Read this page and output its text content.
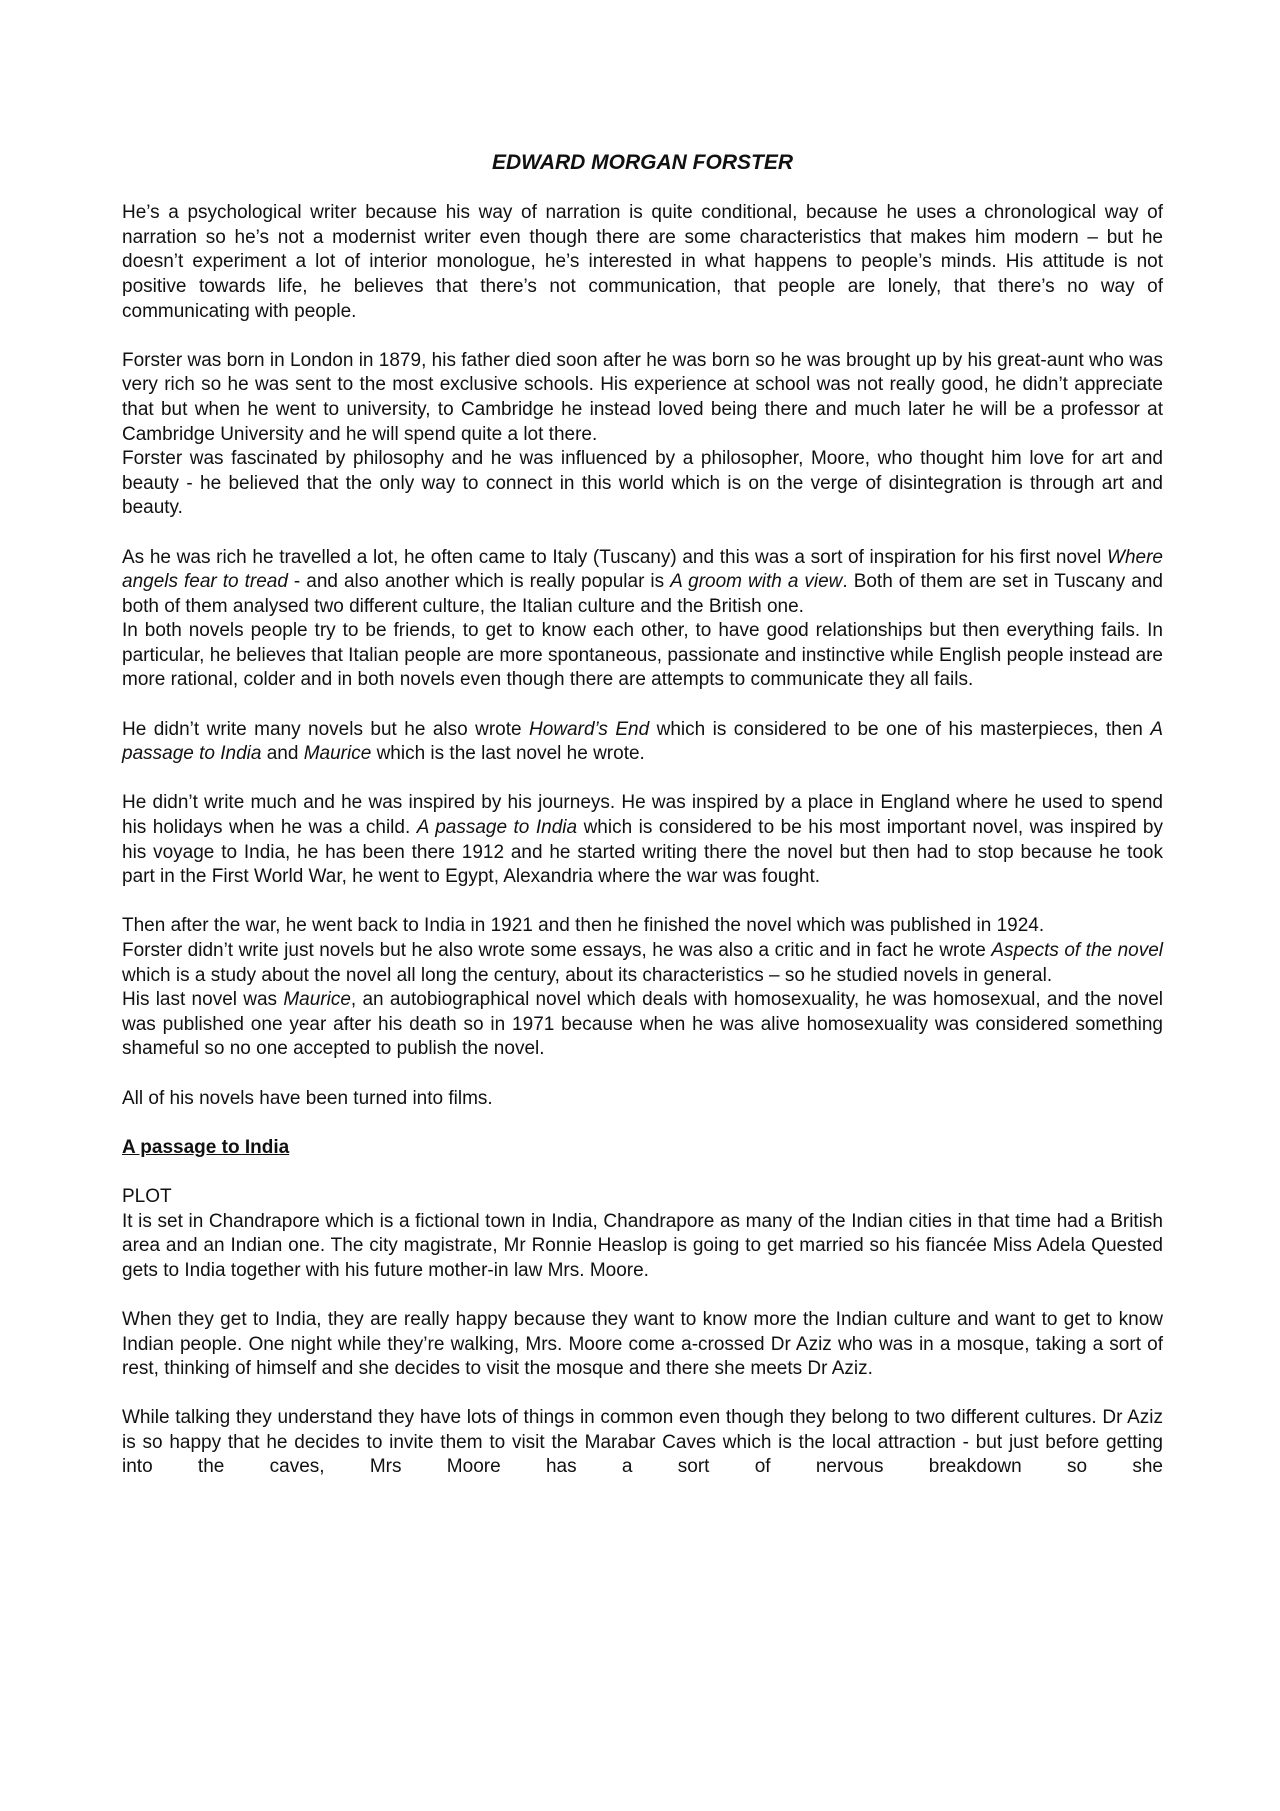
EDWARD MORGAN FORSTER

He’s a psychological writer because his way of narration is quite conditional, because he uses a chronological way of narration so he’s not a modernist writer even though there are some characteristics that makes him modern – but he doesn’t experiment a lot of interior monologue, he’s interested in what happens to people’s minds. His attitude is not positive towards life, he believes that there’s not communication, that people are lonely, that there’s no way of communicating with people.

Forster was born in London in 1879, his father died soon after he was born so he was brought up by his great-aunt who was very rich so he was sent to the most exclusive schools. His experience at school was not really good, he didn’t appreciate that but when he went to university, to Cambridge he instead loved being there and much later he will be a professor at Cambridge University and he will spend quite a lot there.

Forster was fascinated by philosophy and he was influenced by a philosopher, Moore, who thought him love for art and beauty - he believed that the only way to connect in this world which is on the verge of disintegration is through art and beauty.

As he was rich he travelled a lot, he often came to Italy (Tuscany) and this was a sort of inspiration for his first novel Where angels fear to tread - and also another which is really popular is A groom with a view. Both of them are set in Tuscany and both of them analysed two different culture, the Italian culture and the British one.

In both novels people try to be friends, to get to know each other, to have good relationships but then everything fails. In particular, he believes that Italian people are more spontaneous, passionate and instinctive while English people instead are more rational, colder and in both novels even though there are attempts to communicate they all fails.

He didn’t write many novels but he also wrote Howard’s End which is considered to be one of his masterpieces, then A passage to India and Maurice which is the last novel he wrote.

He didn’t write much and he was inspired by his journeys. He was inspired by a place in England where he used to spend his holidays when he was a child. A passage to India which is considered to be his most important novel, was inspired by his voyage to India, he has been there 1912 and he started writing there the novel but then had to stop because he took part in the First World War, he went to Egypt, Alexandria where the war was fought.

Then after the war, he went back to India in 1921 and then he finished the novel which was published in 1924.

Forster didn’t write just novels but he also wrote some essays, he was also a critic and in fact he wrote Aspects of the novel which is a study about the novel all long the century, about its characteristics – so he studied novels in general.

His last novel was Maurice, an autobiographical novel which deals with homosexuality, he was homosexual, and the novel was published one year after his death so in 1971 because when he was alive homosexuality was considered something shameful so no one accepted to publish the novel.

All of his novels have been turned into films.

A passage to India

PLOT

It is set in Chandrapore which is a fictional town in India, Chandrapore as many of the Indian cities in that time had a British area and an Indian one. The city magistrate, Mr Ronnie Heaslop is going to get married so his fiancée Miss Adela Quested gets to India together with his future mother-in law Mrs. Moore.

When they get to India, they are really happy because they want to know more the Indian culture and want to get to know Indian people. One night while they’re walking, Mrs. Moore come a-crossed Dr Aziz who was in a mosque, taking a sort of rest, thinking of himself and she decides to visit the mosque and there she meets Dr Aziz.

While talking they understand they have lots of things in common even though they belong to two different cultures. Dr Aziz is so happy that he decides to invite them to visit the Marabar Caves which is the local attraction - but just before getting into the caves, Mrs Moore has a sort of nervous breakdown so she
